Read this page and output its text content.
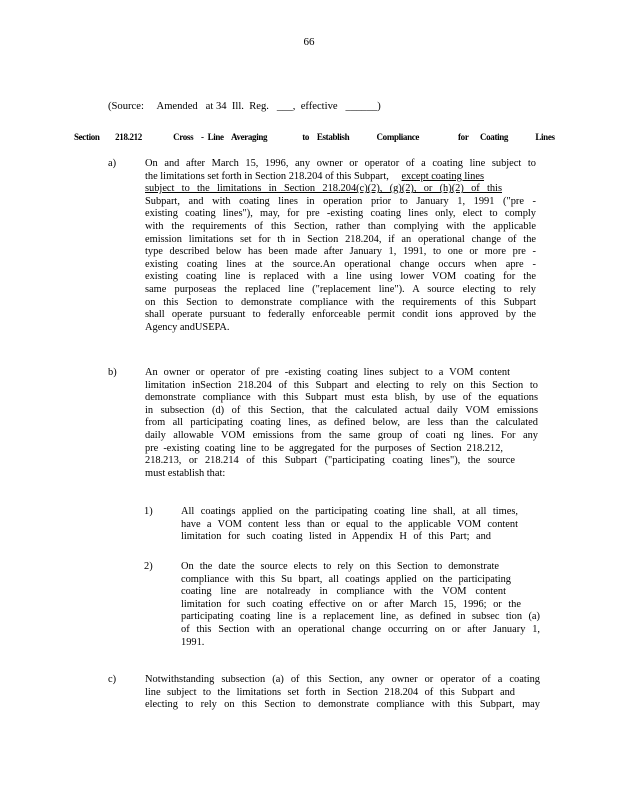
66
(Source:     Amended   at 34  Ill.  Reg.   ___,  effective   ______)
Section    218.212        Cross  - Line  Averaging         to  Establish       Compliance          for   Coating       Lines
a)	On and after March 15, 1996, any owner or operator of a coating line subject to
the limitations set forth in Section 218.204 of this Subpart, except coating lines
subject to the limitations in Section 218.204(c)(2), (g)(2), or (h)(2) of this
Subpart, and with coating lines in operation prior to January 1, 1991 ("pre -
existing coating lines"), may, for pre -existing coating lines only, elect to comply
with the requirements of this Section, rather than complying with the applicable
emission limitations set for th in Section 218.204, if an operational change of the
type described below has been made after January 1, 1991, to one or more pre -
existing coating lines at the source.An operational change occurs when apre -
existing coating line is replaced with a line using lower VOM coating for the
same purposeas the replaced line ("replacement line"). A source electing to rely
on this Section to demonstrate compliance with the requirements of this Subpart
shall operate pursuant to federally enforceable permit condit ions approved by the
Agency andUSEPA.
b)	An owner or operator of pre -existing coating lines subject to a VOM content
limitation inSection 218.204 of this Subpart and electing to rely on this Section to
demonstrate compliance with this Subpart must esta blish, by use of the equations
in subsection (d) of this Section, that the calculated actual daily VOM emissions
from all participating coating lines, as defined below, are less than the calculated
daily allowable VOM emissions from the same group of coati ng lines. For any
pre -existing coating line to be aggregated for the purposes of Section 218.212,
218.213, or 218.214 of this Subpart ("participating coating lines"), the source
must establish that:
1)	All coatings applied on the participating coating line shall, at all times,
have a VOM content less than or equal to the applicable VOM content
limitation for such coating listed in Appendix H of this Part; and
2)	On the date the source elects to rely on this Section to demonstrate
compliance with this Su bpart, all coatings applied on the participating
coating line are notalready in compliance with the VOM content
limitation for such coating effective on or after March 15, 1996; or the
participating coating line is a replacement line, as defined in subsec tion (a)
of this Section with an operational change occurring on or after January 1,
1991.
c)	Notwithstanding subsection (a) of this Section, any owner or operator of a coating
line subject to the limitations set forth in Section 218.204 of this Subpart and
electing to rely on this Section to demonstrate compliance with this Subpart, may
